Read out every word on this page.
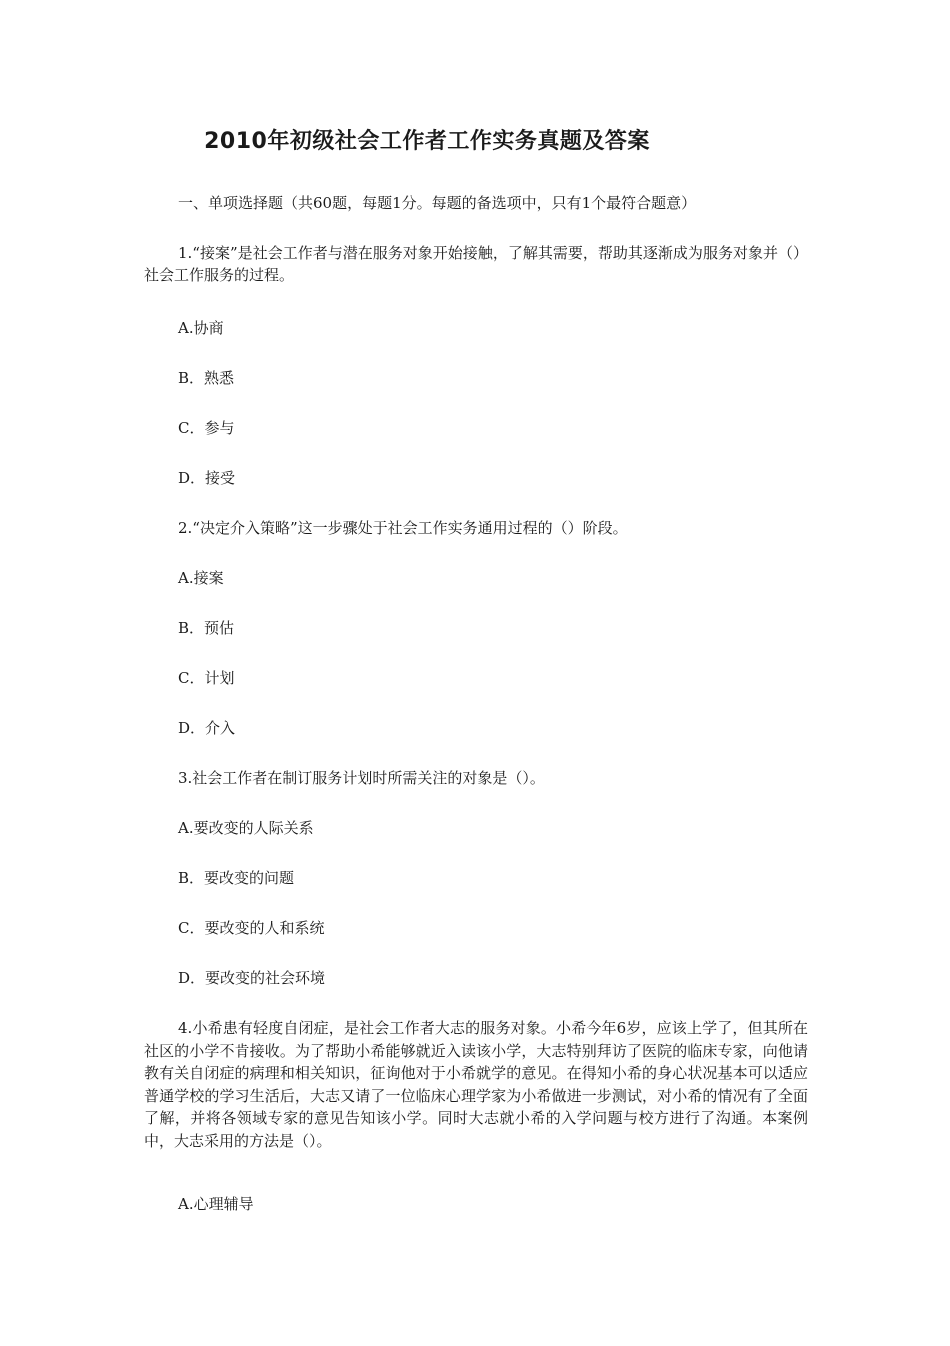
2010年初级社会工作者工作实务真题及答案
一、单项选择题（共60题，每题1分。每题的备选项中，只有1个最符合题意）
1.“接案”是社会工作者与潜在服务对象开始接触，了解其需要，帮助其逐渐成为服务对象并（）社会工作服务的过程。
A.协商
B．熟悉
C．参与
D．接受
2.“决定介入策略”这一步骤处于社会工作实务通用过程的（）阶段。
A.接案
B．预估
C．计划
D．介入
3.社会工作者在制订服务计划时所需关注的对象是（）。
A.要改变的人际关系
B．要改变的问题
C．要改变的人和系统
D．要改变的社会环境
4.小希患有轻度自闭症，是社会工作者大志的服务对象。小希今年6岁，应该上学了，但其所在社区的小学不肯接收。为了帮助小希能够就近入读该小学，大志特别拜访了医院的临床专家，向他请教有关自闭症的病理和相关知识，征询他对于小希就学的意见。在得知小希的身心状况基本可以适应普通学校的学习生活后，大志又请了一位临床心理学家为小希做进一步测试，对小希的情况有了全面了解，并将各领域专家的意见告知该小学。同时大志就小希的入学问题与校方进行了沟通。本案例中，大志采用的方法是（）。
A.心理辅导
